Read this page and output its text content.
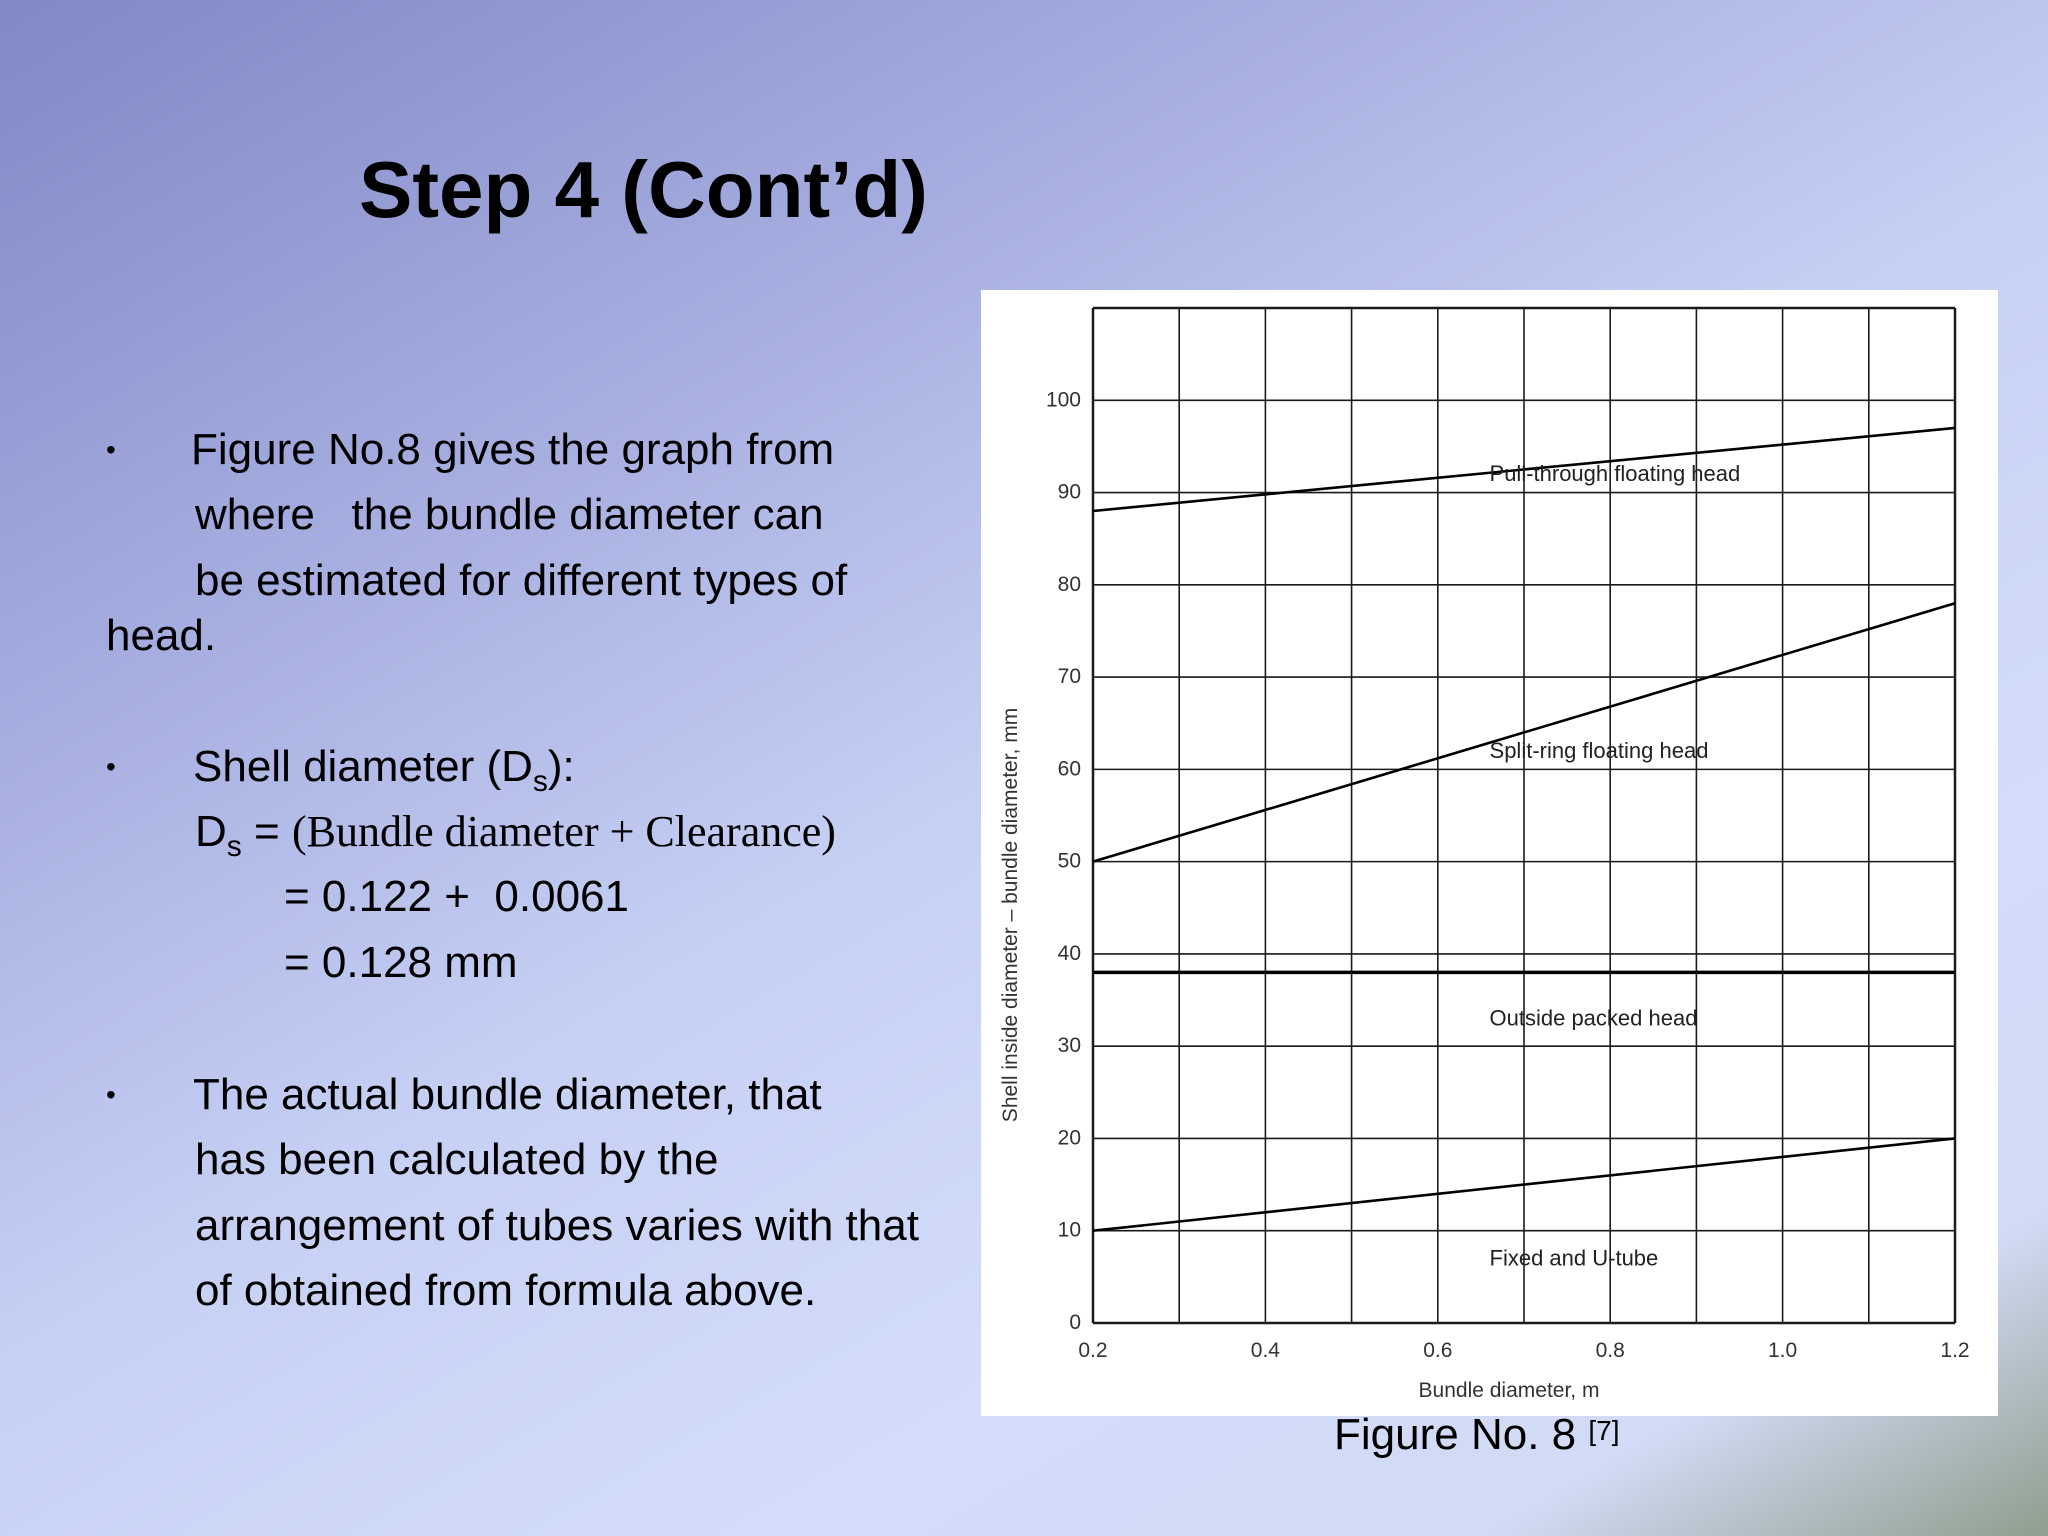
Step 4 (Cont’d)
• Figure No.8 gives the graph from
where   the bundle diameter can
be estimated for different types of
head.
• Shell diameter $(D_s)$:
$D_s$ = (Bundle diameter + Clearance)
= 0.122 +  0.0061
= 0.128 mm
• The actual bundle diameter, that
has been calculated by the
arrangement of tubes varies with that
of obtained from formula above.
Pull-through floating head
Split-ring floating head
Outside packed head
Fixed and U-tube
0.2	0.4	0.6	0.8	1.0	1.2
0
10
20
30
40
50
60
70
80
90
100
Bundle diameter, m
Shell inside diameter – bundle diameter, mm
Figure No. 8 [7]
